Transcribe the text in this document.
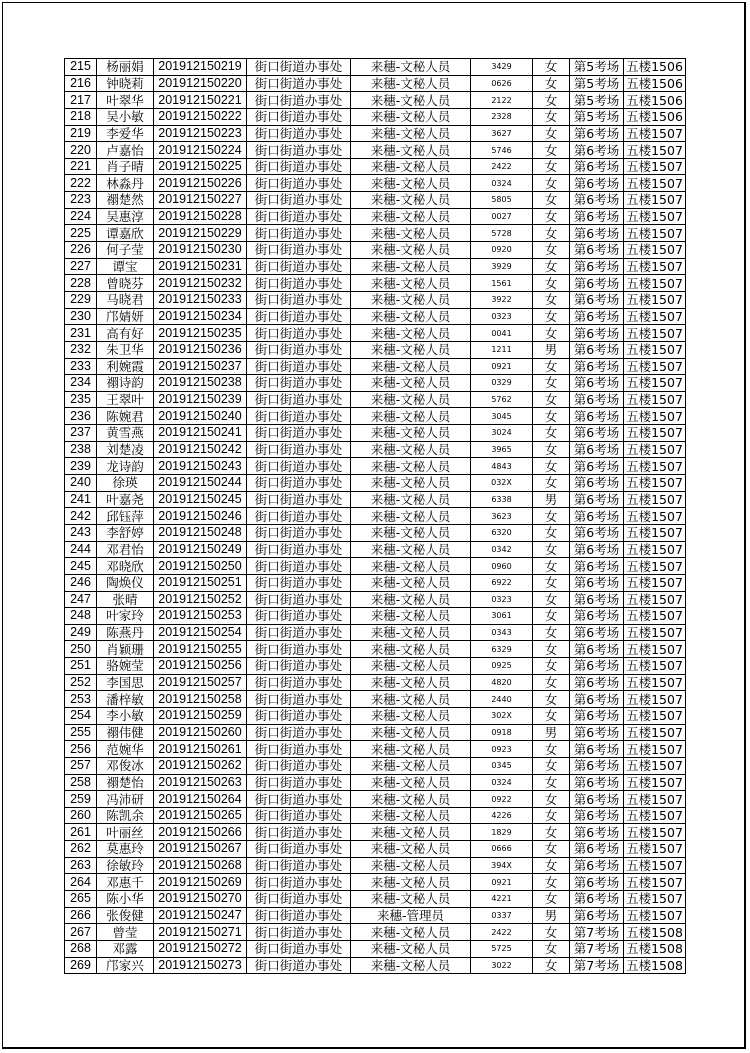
215	杨丽娟	201912150219	街口街道办事处	来穗-文秘人员	3429	女	第5考场	五楼1506
216	钟晓莉	201912150220	街口街道办事处	来穗-文秘人员	0626	女	第5考场	五楼1506
217	叶翠华	201912150221	街口街道办事处	来穗-文秘人员	2122	女	第5考场	五楼1506
218	吴小敏	201912150222	街口街道办事处	来穗-文秘人员	2328	女	第5考场	五楼1506
219	李爱华	201912150223	街口街道办事处	来穗-文秘人员	3627	女	第6考场	五楼1507
220	卢嘉怡	201912150224	街口街道办事处	来穗-文秘人员	5746	女	第6考场	五楼1507
221	肖子晴	201912150225	街口街道办事处	来穗-文秘人员	2422	女	第6考场	五楼1507
222	林淼丹	201912150226	街口街道办事处	来穗-文秘人员	0324	女	第6考场	五楼1507
223	禤楚然	201912150227	街口街道办事处	来穗-文秘人员	5805	女	第6考场	五楼1507
224	吴惠淳	201912150228	街口街道办事处	来穗-文秘人员	0027	女	第6考场	五楼1507
225	谭嘉欣	201912150229	街口街道办事处	来穗-文秘人员	5728	女	第6考场	五楼1507
226	何子莹	201912150230	街口街道办事处	来穗-文秘人员	0920	女	第6考场	五楼1507
227	谭宝	201912150231	街口街道办事处	来穗-文秘人员	3929	女	第6考场	五楼1507
228	曾晓芬	201912150232	街口街道办事处	来穗-文秘人员	1561	女	第6考场	五楼1507
229	马晓君	201912150233	街口街道办事处	来穗-文秘人员	3922	女	第6考场	五楼1507
230	邝婧妍	201912150234	街口街道办事处	来穗-文秘人员	0323	女	第6考场	五楼1507
231	高有好	201912150235	街口街道办事处	来穗-文秘人员	0041	女	第6考场	五楼1507
232	朱卫华	201912150236	街口街道办事处	来穗-文秘人员	1211	男	第6考场	五楼1507
233	利婉霞	201912150237	街口街道办事处	来穗-文秘人员	0921	女	第6考场	五楼1507
234	禤诗韵	201912150238	街口街道办事处	来穗-文秘人员	0329	女	第6考场	五楼1507
235	王翠叶	201912150239	街口街道办事处	来穗-文秘人员	5762	女	第6考场	五楼1507
236	陈婉君	201912150240	街口街道办事处	来穗-文秘人员	3045	女	第6考场	五楼1507
237	黄雪燕	201912150241	街口街道办事处	来穗-文秘人员	3024	女	第6考场	五楼1507
238	刘楚凌	201912150242	街口街道办事处	来穗-文秘人员	3965	女	第6考场	五楼1507
239	龙诗韵	201912150243	街口街道办事处	来穗-文秘人员	4843	女	第6考场	五楼1507
240	徐瑛	201912150244	街口街道办事处	来穗-文秘人员	032X	女	第6考场	五楼1507
241	叶嘉尧	201912150245	街口街道办事处	来穗-文秘人员	6338	男	第6考场	五楼1507
242	邱钰萍	201912150246	街口街道办事处	来穗-文秘人员	3623	女	第6考场	五楼1507
243	李舒婷	201912150248	街口街道办事处	来穗-文秘人员	6320	女	第6考场	五楼1507
244	邓君怡	201912150249	街口街道办事处	来穗-文秘人员	0342	女	第6考场	五楼1507
245	邓晓欣	201912150250	街口街道办事处	来穗-文秘人员	0960	女	第6考场	五楼1507
246	陶焕仪	201912150251	街口街道办事处	来穗-文秘人员	6922	女	第6考场	五楼1507
247	张晴	201912150252	街口街道办事处	来穗-文秘人员	0323	女	第6考场	五楼1507
248	叶家玲	201912150253	街口街道办事处	来穗-文秘人员	3061	女	第6考场	五楼1507
249	陈燕丹	201912150254	街口街道办事处	来穗-文秘人员	0343	女	第6考场	五楼1507
250	肖颖珊	201912150255	街口街道办事处	来穗-文秘人员	6329	女	第6考场	五楼1507
251	骆婉莹	201912150256	街口街道办事处	来穗-文秘人员	0925	女	第6考场	五楼1507
252	李国思	201912150257	街口街道办事处	来穗-文秘人员	4820	女	第6考场	五楼1507
253	潘梓敏	201912150258	街口街道办事处	来穗-文秘人员	2440	女	第6考场	五楼1507
254	李小敏	201912150259	街口街道办事处	来穗-文秘人员	302X	女	第6考场	五楼1507
255	禤伟健	201912150260	街口街道办事处	来穗-文秘人员	0918	男	第6考场	五楼1507
256	范婉华	201912150261	街口街道办事处	来穗-文秘人员	0923	女	第6考场	五楼1507
257	邓俊冰	201912150262	街口街道办事处	来穗-文秘人员	0345	女	第6考场	五楼1507
258	禤楚怡	201912150263	街口街道办事处	来穗-文秘人员	0324	女	第6考场	五楼1507
259	冯沛研	201912150264	街口街道办事处	来穗-文秘人员	0922	女	第6考场	五楼1507
260	陈凯余	201912150265	街口街道办事处	来穗-文秘人员	4226	女	第6考场	五楼1507
261	叶丽丝	201912150266	街口街道办事处	来穗-文秘人员	1829	女	第6考场	五楼1507
262	莫惠玲	201912150267	街口街道办事处	来穗-文秘人员	0666	女	第6考场	五楼1507
263	徐敏玲	201912150268	街口街道办事处	来穗-文秘人员	394X	女	第6考场	五楼1507
264	邓惠千	201912150269	街口街道办事处	来穗-文秘人员	0921	女	第6考场	五楼1507
265	陈小华	201912150270	街口街道办事处	来穗-文秘人员	4221	女	第6考场	五楼1507
266	张俊健	201912150247	街口街道办事处	来穗-管理员	0337	男	第6考场	五楼1507
267	曾莹	201912150271	街口街道办事处	来穗-文秘人员	2422	女	第7考场	五楼1508
268	邓露	201912150272	街口街道办事处	来穗-文秘人员	5725	女	第7考场	五楼1508
269	邝家兴	201912150273	街口街道办事处	来穗-文秘人员	3022	女	第7考场	五楼1508
